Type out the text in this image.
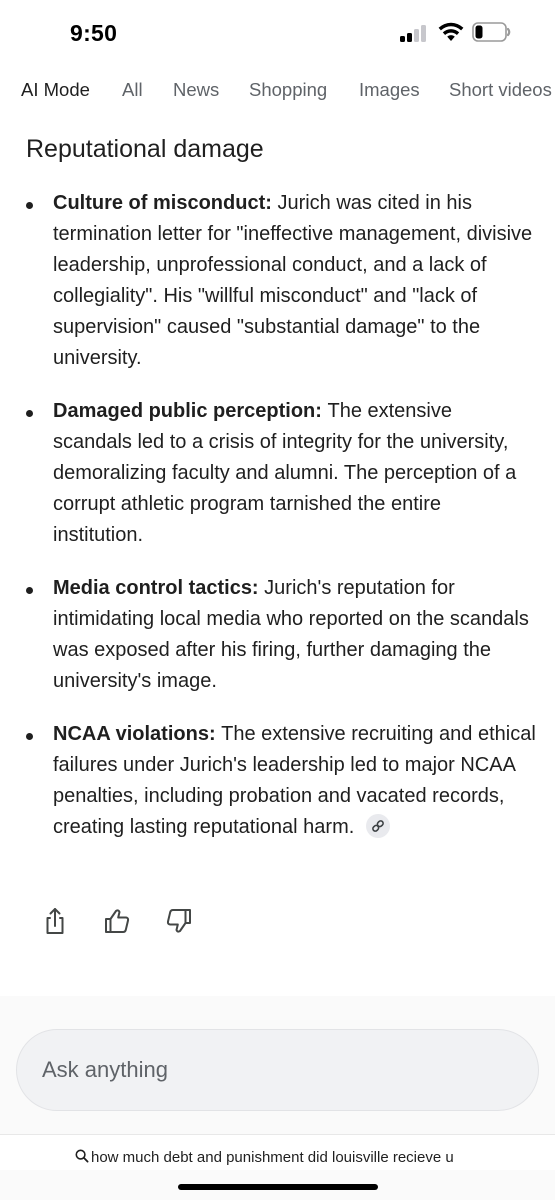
9:50
AI Mode All News Shopping Images Short videos
Reputational damage
Culture of misconduct: Jurich was cited in his termination letter for "ineffective management, divisive leadership, unprofessional conduct, and a lack of collegiality". His "willful misconduct" and "lack of supervision" caused "substantial damage" to the university.
Damaged public perception: The extensive scandals led to a crisis of integrity for the university, demoralizing faculty and alumni. The perception of a corrupt athletic program tarnished the entire institution.
Media control tactics: Jurich's reputation for intimidating local media who reported on the scandals was exposed after his firing, further damaging the university's image.
NCAA violations: The extensive recruiting and ethical failures under Jurich's leadership led to major NCAA penalties, including probation and vacated records, creating lasting reputational harm.
Ask anything
how much debt and punishment did louisville recieve u
